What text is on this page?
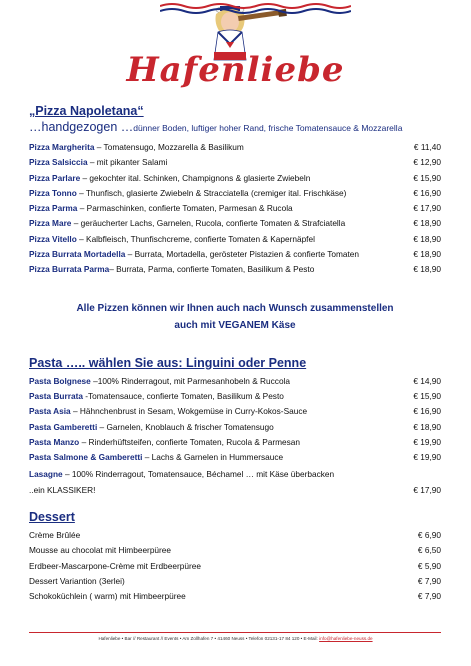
Hafenliebe
„Pizza Napoletana“
…handgezogen …dünner Boden, luftiger hoher Rand, frische Tomatensauce & Mozzarella
Pizza Margherita – Tomatensugo, Mozzarella & Basilikum	€ 11,40
Pizza Salsiccia – mit pikanter Salami	€ 12,90
Pizza Parlare – gekochter ital. Schinken, Champignons & glasierte Zwiebeln	€ 15,90
Pizza Tonno – Thunfisch, glasierte Zwiebeln & Stracciatella (cremiger ital. Frischkäse)	€ 16,90
Pizza Parma – Parmaschinken, confierte Tomaten, Parmesan & Rucola	€ 17,90
Pizza Mare – geräucherter Lachs, Garnelen, Rucola, confierte Tomaten & Strafciatella	€ 18,90
Pizza Vitello – Kalbfleisch, Thunfischcreme, confierte Tomaten & Kapernäpfel	€ 18,90
Pizza Burrata Mortadella – Burrata, Mortadella, gerösteter Pistazien & confierte Tomaten	€ 18,90
Pizza Burrata Parma– Burrata, Parma, confierte Tomaten, Basilikum & Pesto	€ 18,90
Alle Pizzen können wir Ihnen auch nach Wunsch zusammenstellen
auch mit VEGANEM Käse
Pasta ….. wählen Sie aus: Linguini oder Penne
Pasta Bolgnese –100% Rinderragout, mit Parmesanhobeln & Ruccola	€ 14,90
Pasta Burrata -Tomatensauce, confierte Tomaten, Basilikum & Pesto	€ 15,90
Pasta Asia – Hähnchenbrust in Sesam, Wokgemüse in Curry-Kokos-Sauce	€ 16,90
Pasta Gamberetti – Garnelen, Knoblauch & frischer Tomatensugo	€ 18,90
Pasta Manzo – Rinderhüftsteifen, confierte Tomaten, Rucola & Parmesan	€ 19,90
Pasta Salmone & Gamberetti – Lachs & Garnelen in Hummersauce	€ 19,90
Lasagne – 100% Rinderragout, Tomatensauce, Béchamel … mit Käse überbacken
..ein KLASSIKER!	€ 17,90
Dessert
Crème Brûlée	€ 6,90
Mousse au chocolat mit Himbeerpüree	€ 6,50
Erdbeer-Mascarpone-Crème mit Erdbeerpüree	€ 5,90
Dessert Variantion (3erlei)	€ 7,90
Schokoküchlein ( warm) mit Himbeerpüree	€ 7,90
Hafenliebe • Bar // Restaurant // Events • Am Zollhafen 7 • 41460 Neuss • Telefon 02131-17 84 120 • E-Mail: info@hafenliebe-neuss.de
